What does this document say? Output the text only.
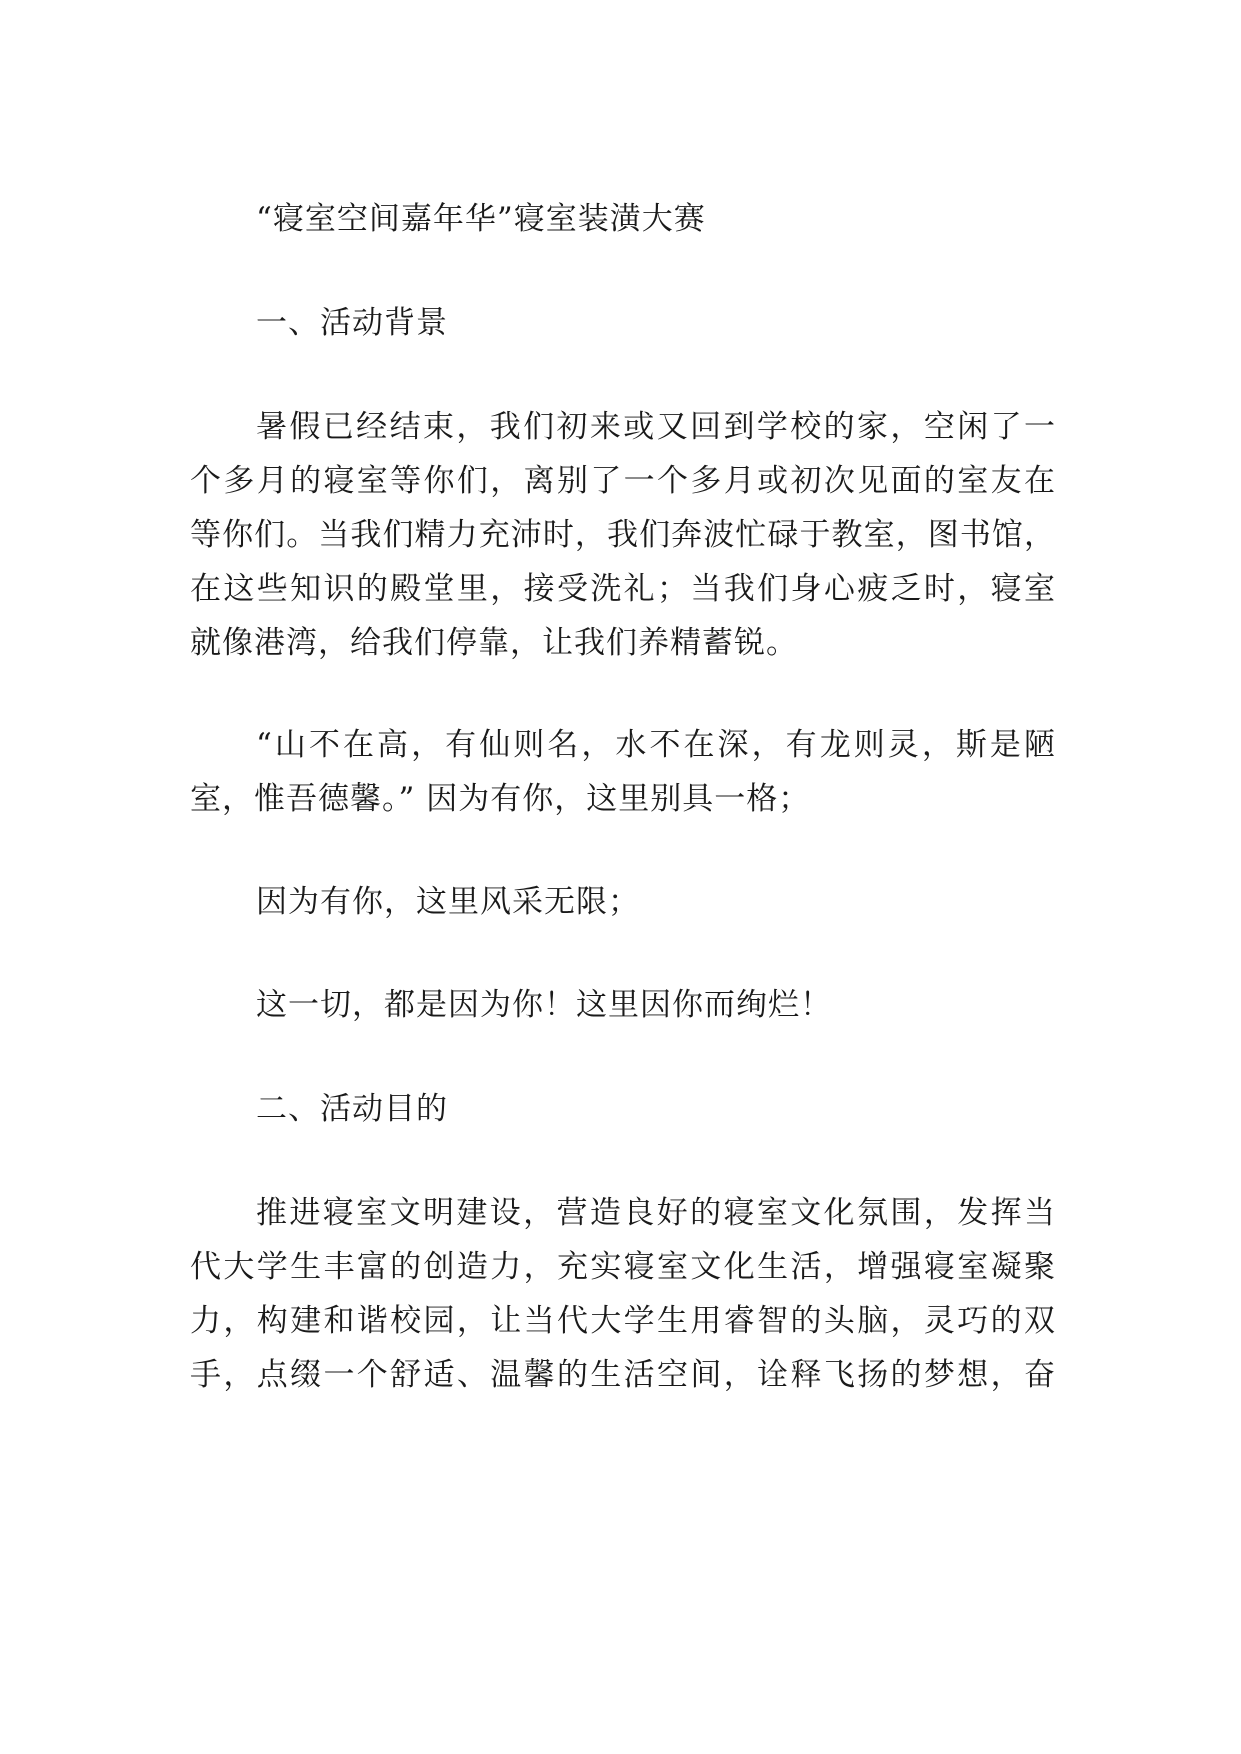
“寝室空间嘉年华”寝室装潢大赛
一、活动背景
暑假已经结束，我们初来或又回到学校的家，空闲了一
个多月的寝室等你们，离别了一个多月或初次见面的室友在
等你们。当我们精力充沛时，我们奔波忙碌于教室，图书馆，
在这些知识的殿堂里，接受洗礼；当我们身心疲乏时，寝室
就像港湾，给我们停靠，让我们养精蓄锐。
“山不在高，有仙则名，水不在深，有龙则灵，斯是陋
室，惟吾德馨。” 因为有你，这里别具一格；
因为有你，这里风采无限；
这一切，都是因为你！这里因你而绚烂！
二、活动目的
推进寝室文明建设，营造良好的寝室文化氛围，发挥当
代大学生丰富的创造力，充实寝室文化生活，增强寝室凝聚
力，构建和谐校园，让当代大学生用睿智的头脑，灵巧的双
手，点缀一个舒适、温馨的生活空间，诠释飞扬的梦想，奋
